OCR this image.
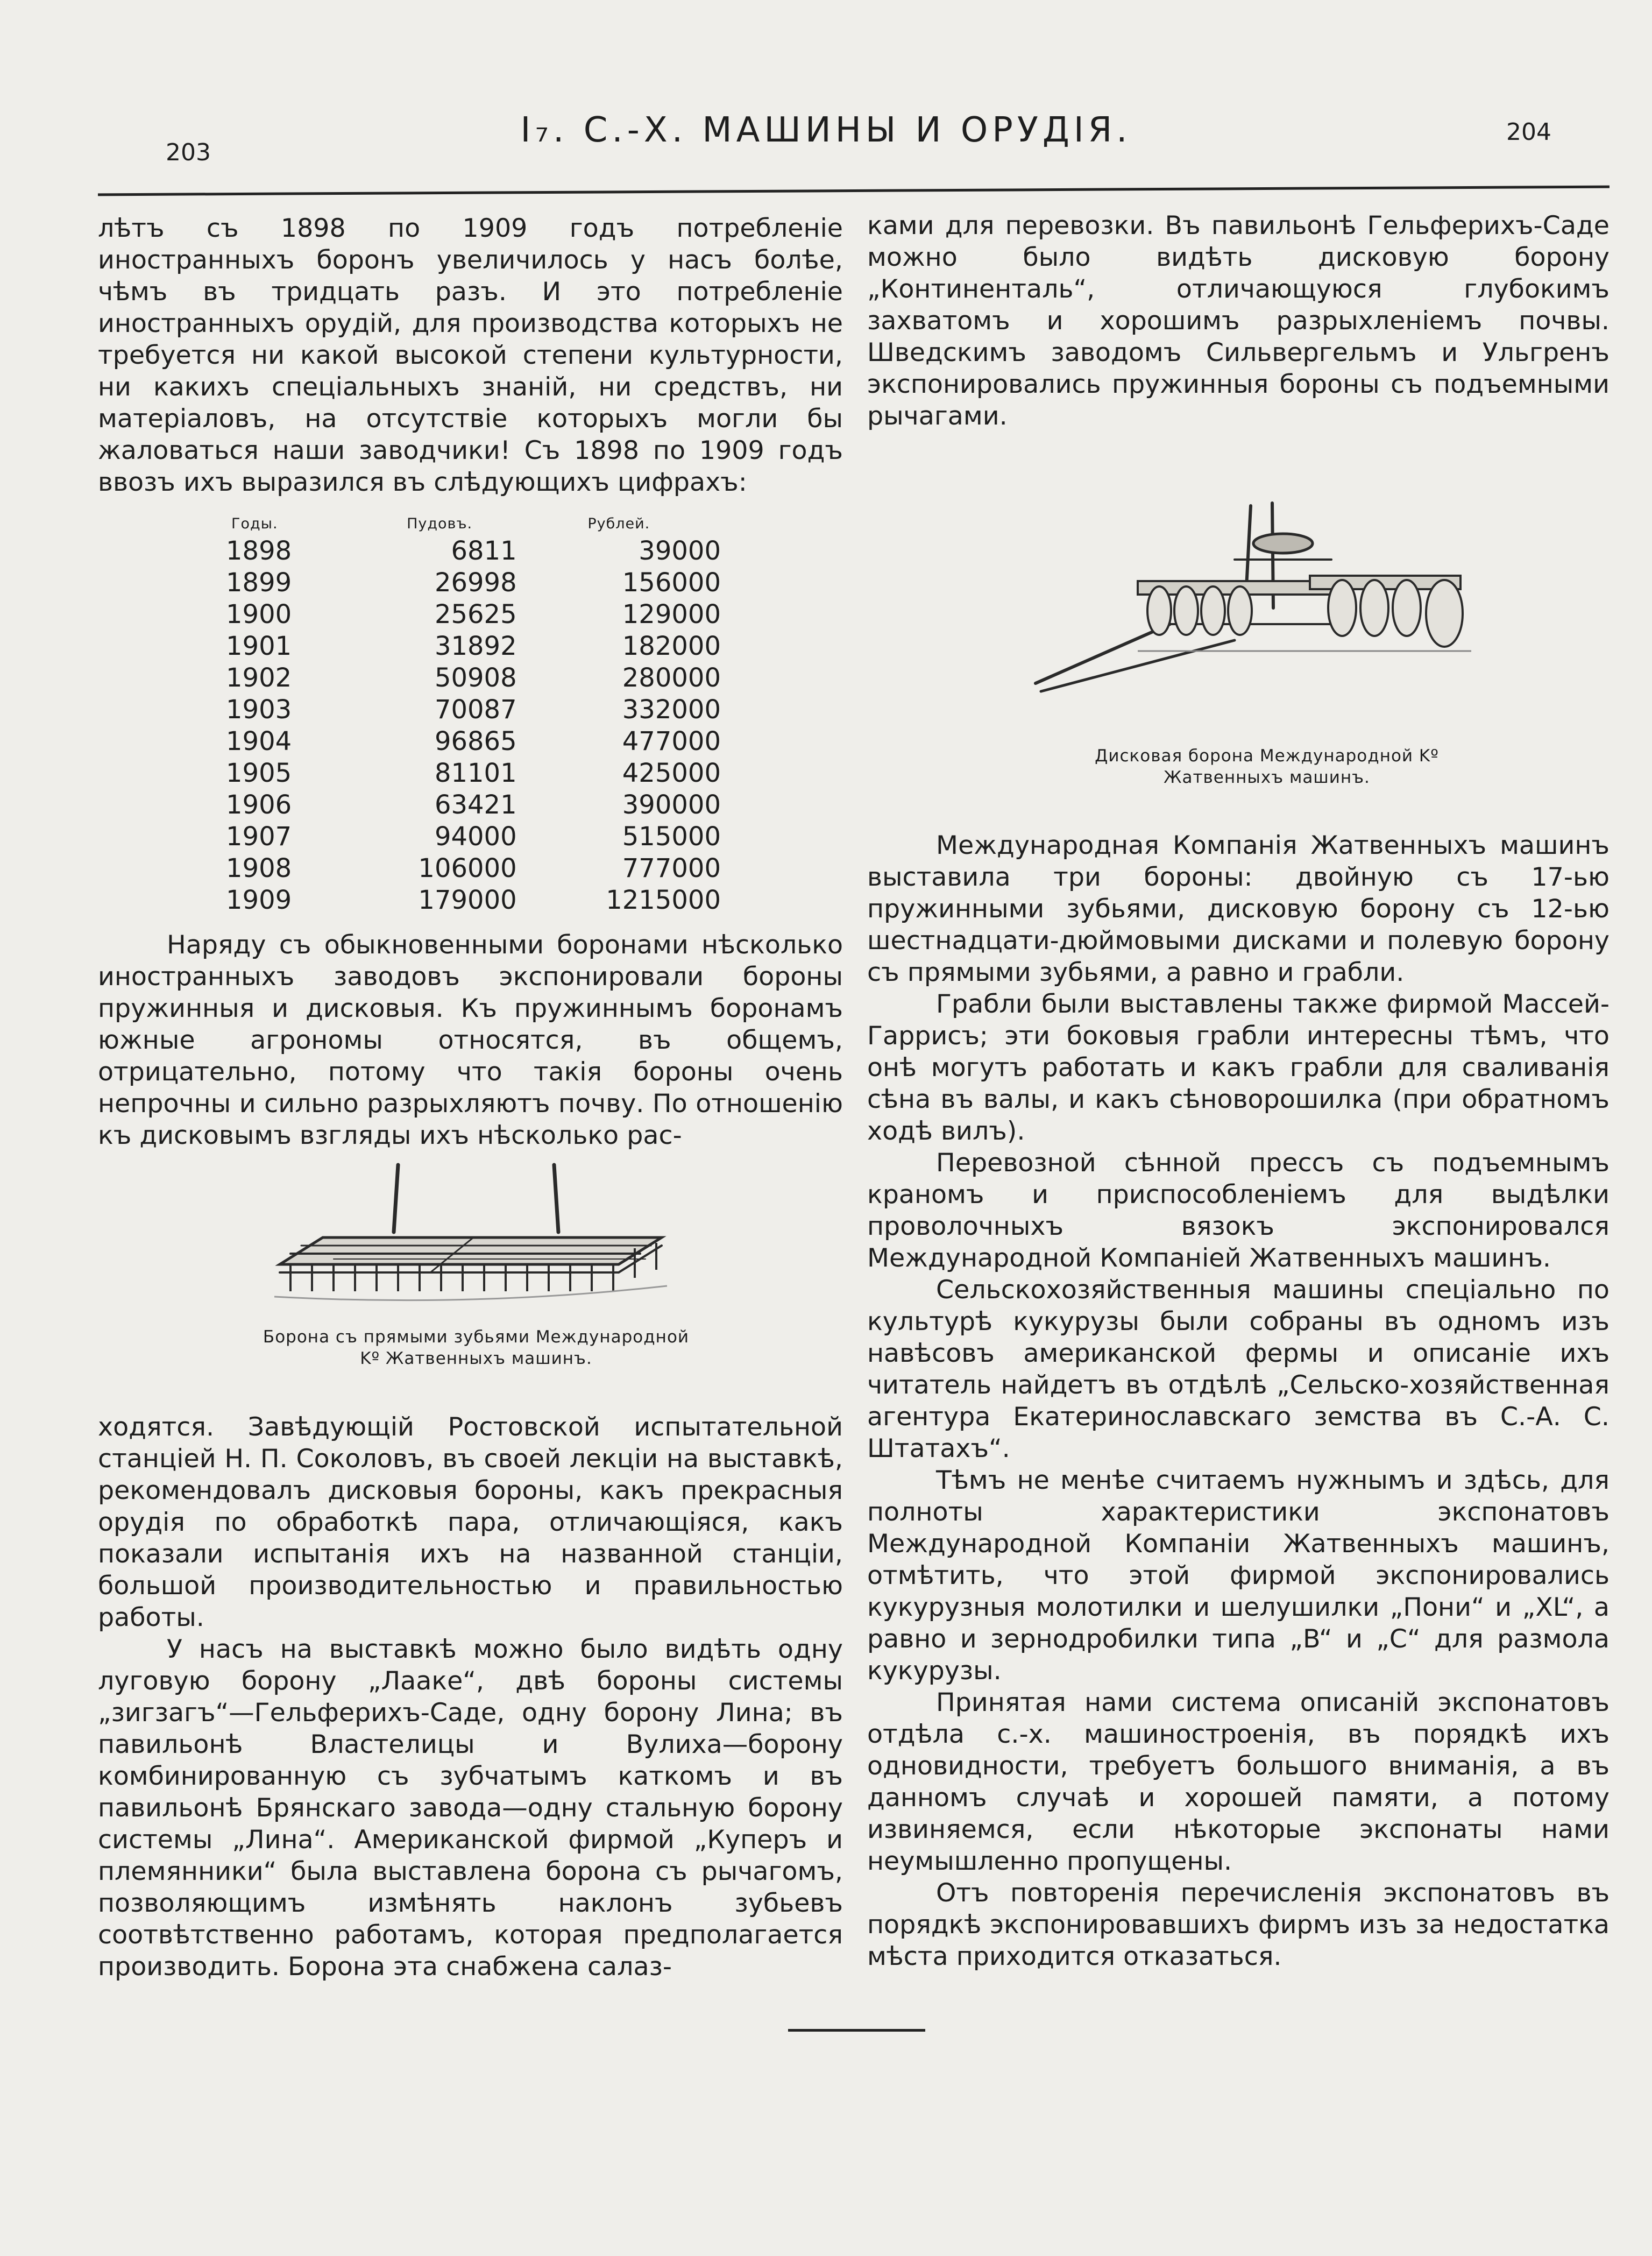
203
I₇. С.-Х. МАШИНЫ И ОРУДІЯ.	204

лѣтъ съ 1898 по 1909 годъ потребленіе иностранныхъ боронъ увеличилось у насъ болѣе, чѣмъ въ тридцать разъ. И это потребленіе иностранныхъ орудій, для производства которыхъ не требуется ни какой высокой степени культурности, ни какихъ спеціальныхъ знаній, ни средствъ, ни матеріаловъ, на отсутствіе которыхъ могли бы жаловаться наши заводчики! Съ 1898 по 1909 годъ ввозъ ихъ выразился въ слѣдующихъ цифрахъ:

Годы.	Пудовъ.	Рублей.
1898	6811	39000
1899	26998	156000
1900	25625	129000
1901	31892	182000
1902	50908	280000
1903	70087	332000
1904	96865	477000
1905	81101	425000
1906	63421	390000
1907	94000	515000
1908	106000	777000
1909	179000	1215000

Наряду съ обыкновенными боронами нѣсколько иностранныхъ заводовъ экспонировали бороны пружинныя и дисковыя. Къ пружиннымъ боронамъ южные агрономы относятся, въ общемъ, отрицательно, потому что такія бороны очень непрочны и сильно разрыхляютъ почву. По отношенію къ дисковымъ взгляды ихъ нѣсколько рас-

Борона съ прямыми зубьями Международной Kº Жатвенныхъ машинъ.

ходятся. Завѣдующій Ростовской испытательной станціей Н. П. Соколовъ, въ своей лекціи на выставкѣ, рекомендовалъ дисковыя бороны, какъ прекрасныя орудія по обработкѣ пара, отличающіяся, какъ показали испытанія ихъ на названной станціи, большой производительностью и правильностью работы.

У насъ на выставкѣ можно было видѣть одну луговую борону „Лааке“, двѣ бороны системы „зигзагъ“—Гельферихъ-Саде, одну борону Лина; въ павильонѣ Властелицы и Вулиха—борону комбинированную съ зубчатымъ каткомъ и въ павильонѣ Брянскаго завода—одну стальную борону системы „Лина“. Американской фирмой „Куперъ и племянники“ была выставлена борона съ рычагомъ, позволяющимъ измѣнять наклонъ зубьевъ соотвѣтственно работамъ, которая предполагается производить. Борона эта снабжена салаз-

ками для перевозки. Въ павильонѣ Гельферихъ-Саде можно было видѣть дисковую борону „Континенталь“, отличающуюся глубокимъ захватомъ и хорошимъ разрыхленіемъ почвы. Шведскимъ заводомъ Сильвергельмъ и Ульгренъ экспонировались пружинныя бороны съ подъемными рычагами.

Дисковая борона Международной Kº Жатвенныхъ машинъ.

Международная Компанія Жатвенныхъ машинъ выставила три бороны: двойную съ 17-ью пружинными зубьями, дисковую борону съ 12-ью шестнадцати-дюймовыми дисками и полевую борону съ прямыми зубьями, а равно и грабли.

Грабли были выставлены также фирмой Массей-Гаррисъ; эти боковыя грабли интересны тѣмъ, что онѣ могутъ работать и какъ грабли для сваливанія сѣна въ валы, и какъ сѣноворошилка (при обратномъ ходѣ вилъ).

Перевозной сѣнной прессъ съ подъемнымъ краномъ и приспособленіемъ для выдѣлки проволочныхъ вязокъ экспонировался Международной Компаніей Жатвенныхъ машинъ.

Сельскохозяйственныя машины спеціально по культурѣ кукурузы были собраны въ одномъ изъ навѣсовъ американской фермы и описаніе ихъ читатель найдетъ въ отдѣлѣ „Сельско-хозяйственная агентура Екатеринославскаго земства въ С.-А. С. Штатахъ“.

Тѣмъ не менѣе считаемъ нужнымъ и здѣсь, для полноты характеристики экспонатовъ Международной Компаніи Жатвенныхъ машинъ, отмѣтить, что этой фирмой экспонировались кукурузныя молотилки и шелушилки „Пони“ и „XL“, а равно и зернодробилки типа „B“ и „C“ для размола кукурузы.

Принятая нами система описаній экспонатовъ отдѣла с.-х. машиностроенія, въ порядкѣ ихъ одновидности, требуетъ большого вниманія, а въ данномъ случаѣ и хорошей памяти, а потому извиняемся, если нѣкоторые экспонаты нами неумышленно пропущены.

Отъ повторенія перечисленія экспонатовъ въ порядкѣ экспонировавшихъ фирмъ изъ за недостатка мѣста приходится отказаться.
